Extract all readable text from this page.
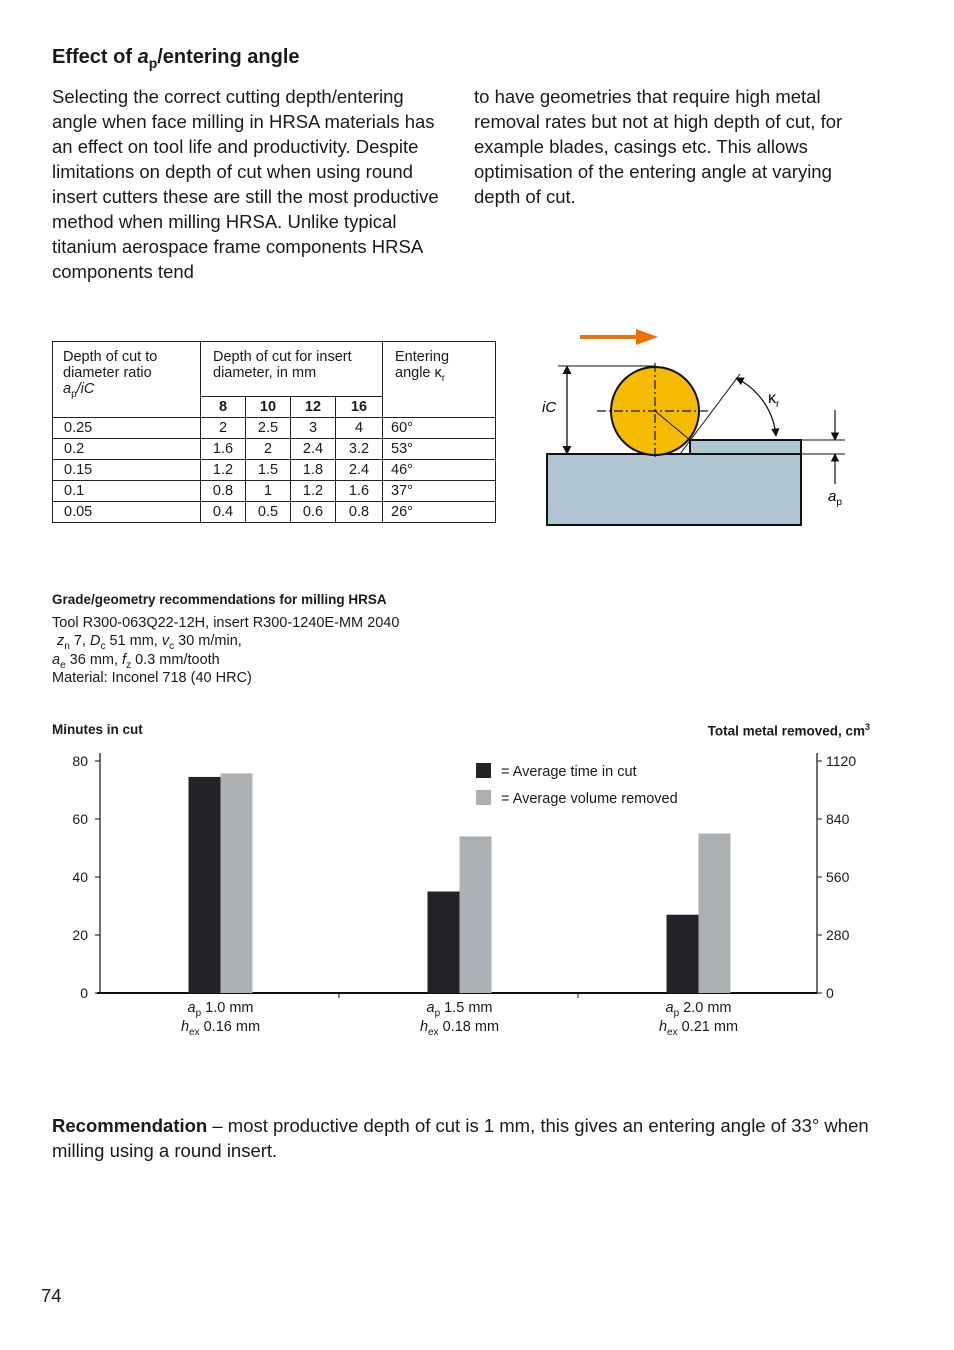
Effect of $a_p$/entering angle
Selecting the correct cutting depth/entering angle when face milling in HRSA materials has an effect on tool life and productivity. Despite limitations on depth of cut when using round insert cutters these are still the most productive method when milling HRSA. Unlike typical titanium aerospace frame components HRSA components tend
to have geometries that require high metal removal rates but not at high depth of cut, for example blades, casings etc. This allows optimisation of the entering angle at varying depth of cut.
Depth of cut to
diameter ratio
$a_p/iC$	Depth of cut for insert
diameter, in mm				Entering
angle $\kappa_r$
	8	10	12	16	
0.25	2	2.5	3	4	60°
0.2	1.6	2	2.4	3.2	53°
0.15	1.2	1.5	1.8	2.4	46°
0.1	0.8	1	1.2	1.6	37°
0.05	0.4	0.5	0.6	0.8	26°
iC
$\kappa_r$
$a_p$
Grade/geometry recommendations for milling HRSA
Tool R300-063Q22-12H, insert R300-1240E-MM 2040
$z_n$ 7, $D_c$ 51 mm, $v_c$ 30 m/min,
$a_e$ 36 mm, $f_z$ 0.3 mm/tooth
Material: Inconel 718 (40 HRC)
Minutes in cut	Total metal removed, $cm^3$
0
20
40
60
80
0
280
560
840
1120
$a_p$ 1.0 mm
$h_{ex}$ 0.16 mm
$a_p$ 1.5 mm
$h_{ex}$ 0.18 mm
$a_p$ 2.0 mm
$h_{ex}$ 0.21 mm
= Average time in cut
= Average volume removed
Recommendation – most productive depth of cut is 1 mm, this gives an entering angle of 33° when milling using a round insert.
74
